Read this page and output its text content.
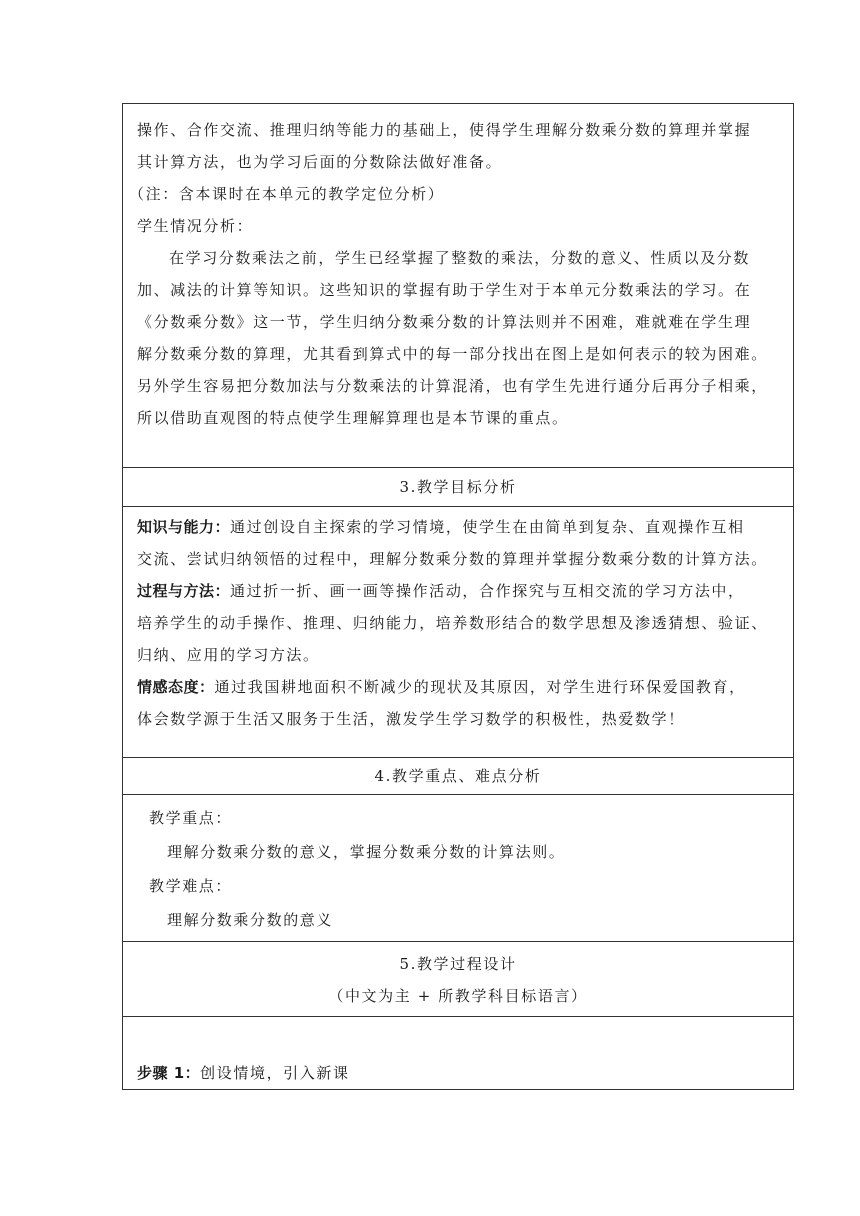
操作、合作交流、推理归纳等能力的基础上，使得学生理解分数乘分数的算理并掌握

其计算方法，也为学习后面的分数除法做好准备。

（注：含本课时在本单元的教学定位分析）

学生情况分析：

在学习分数乘法之前，学生已经掌握了整数的乘法，分数的意义、性质以及分数

加、减法的计算等知识。这些知识的掌握有助于学生对于本单元分数乘法的学习。在

《分数乘分数》这一节，学生归纳分数乘分数的计算法则并不困难，难就难在学生理

解分数乘分数的算理，尤其看到算式中的每一部分找出在图上是如何表示的较为困难。

另外学生容易把分数加法与分数乘法的计算混淆，也有学生先进行通分后再分子相乘，

所以借助直观图的特点使学生理解算理也是本节课的重点。

3.教学目标分析

知识与能力：通过创设自主探索的学习情境，使学生在由简单到复杂、直观操作互相

交流、尝试归纳领悟的过程中，理解分数乘分数的算理并掌握分数乘分数的计算方法。

过程与方法：通过折一折、画一画等操作活动，合作探究与互相交流的学习方法中，

培养学生的动手操作、推理、归纳能力，培养数形结合的数学思想及渗透猜想、验证、

归纳、应用的学习方法。

情感态度：通过我国耕地面积不断减少的现状及其原因，对学生进行环保爱国教育，

体会数学源于生活又服务于生活，激发学生学习数学的积极性，热爱数学！

4.教学重点、难点分析

教学重点：

理解分数乘分数的意义，掌握分数乘分数的计算法则。

教学难点：

理解分数乘分数的意义

5.教学过程设计

（中文为主 + 所教学科目标语言）

步骤 1：创设情境，引入新课
